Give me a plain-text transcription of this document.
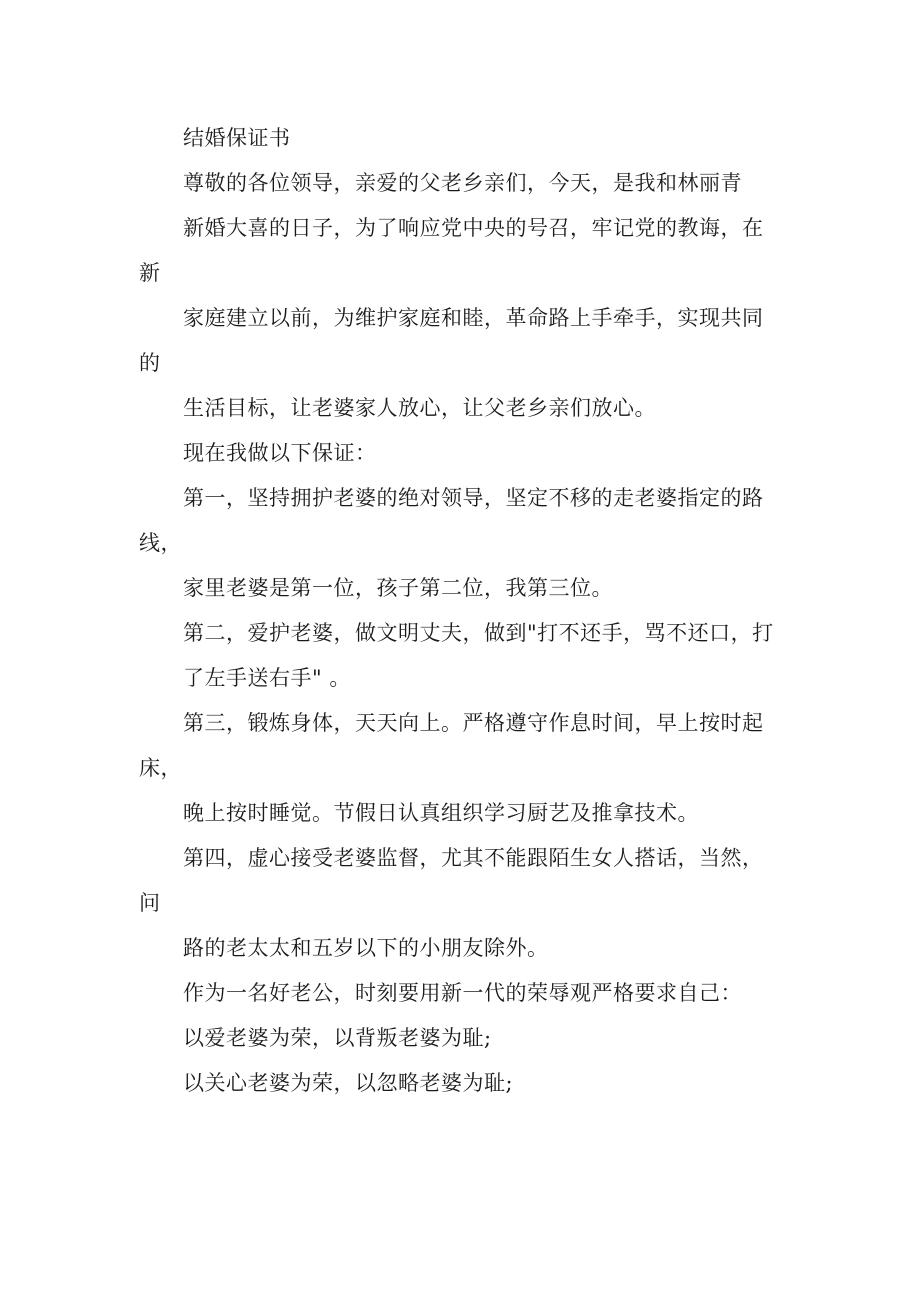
结婚保证书
尊敬的各位领导，亲爱的父老乡亲们，今天，是我和林丽青
新婚大喜的日子，为了响应党中央的号召，牢记党的教诲，在
新
家庭建立以前，为维护家庭和睦，革命路上手牵手，实现共同
的
生活目标，让老婆家人放心，让父老乡亲们放心。
现在我做以下保证：
第一，坚持拥护老婆的绝对领导，坚定不移的走老婆指定的路
线，
家里老婆是第一位，孩子第二位，我第三位。
第二，爱护老婆，做文明丈夫，做到"打不还手，骂不还口，打
了左手送右手" 。
第三，锻炼身体，天天向上。严格遵守作息时间，早上按时起
床，
晚上按时睡觉。节假日认真组织学习厨艺及推拿技术。
第四，虚心接受老婆监督，尤其不能跟陌生女人搭话，当然，
问
路的老太太和五岁以下的小朋友除外。
作为一名好老公，时刻要用新一代的荣辱观严格要求自己：
以爱老婆为荣，以背叛老婆为耻;
以关心老婆为荣，以忽略老婆为耻;
